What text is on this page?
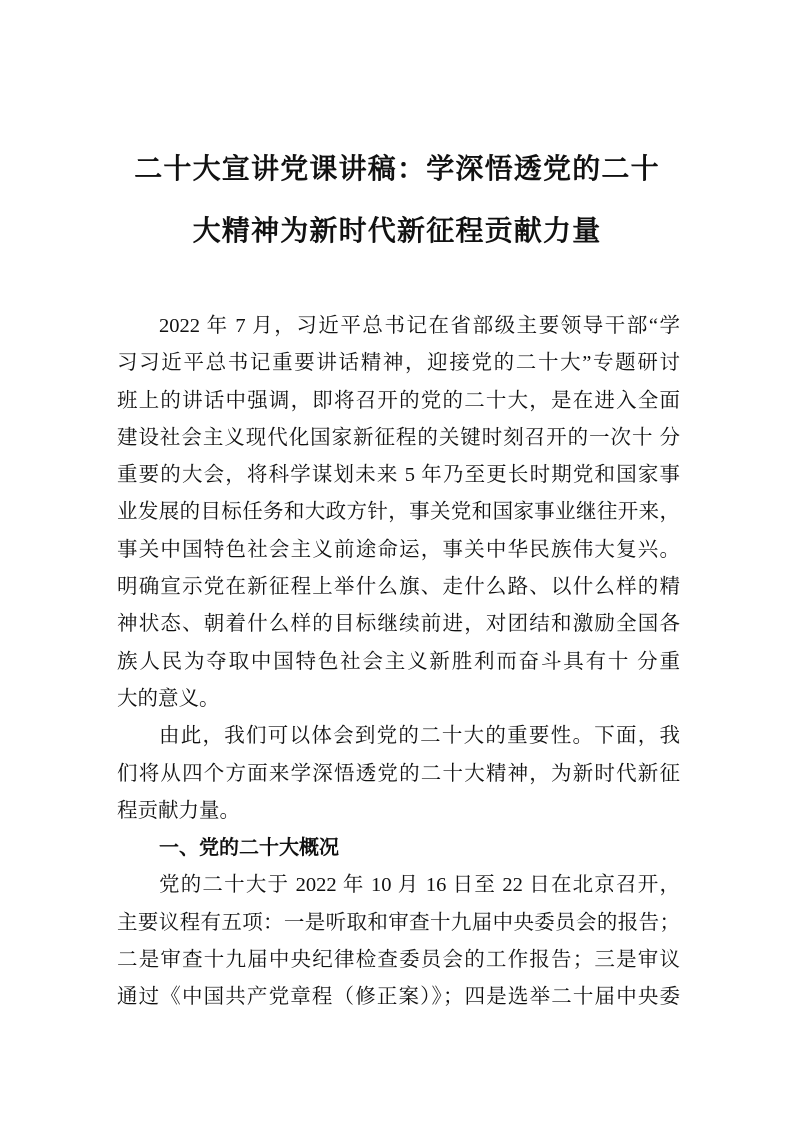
二十大宣讲党课讲稿：学深悟透党的二十
大精神为新时代新征程贡献力量
2022 年 7 月，习近平总书记在省部级主要领导干部“学
习习近平总书记重要讲话精神，迎接党的二十大”专题研讨
班上的讲话中强调，即将召开的党的二十大，是在进入全面
建设社会主义现代化国家新征程的关键时刻召开的一次十 分
重要的大会，将科学谋划未来 5 年乃至更长时期党和国家事
业发展的目标任务和大政方针，事关党和国家事业继往开来，
事关中国特色社会主义前途命运，事关中华民族伟大复兴。
明确宣示党在新征程上举什么旗、走什么路、以什么样的精
神状态、朝着什么样的目标继续前进，对团结和激励全国各
族人民为夺取中国特色社会主义新胜利而奋斗具有十 分重
大的意义。
由此，我们可以体会到党的二十大的重要性。下面，我
们将从四个方面来学深悟透党的二十大精神，为新时代新征
程贡献力量。
一、党的二十大概况
党的二十大于 2022 年 10 月 16 日至 22 日在北京召开，
主要议程有五项：一是听取和审查十九届中央委员会的报告；
二是审查十九届中央纪律检查委员会的工作报告；三是审议
通过《中国共产党章程（修正案）》；四是选举二十届中央委
